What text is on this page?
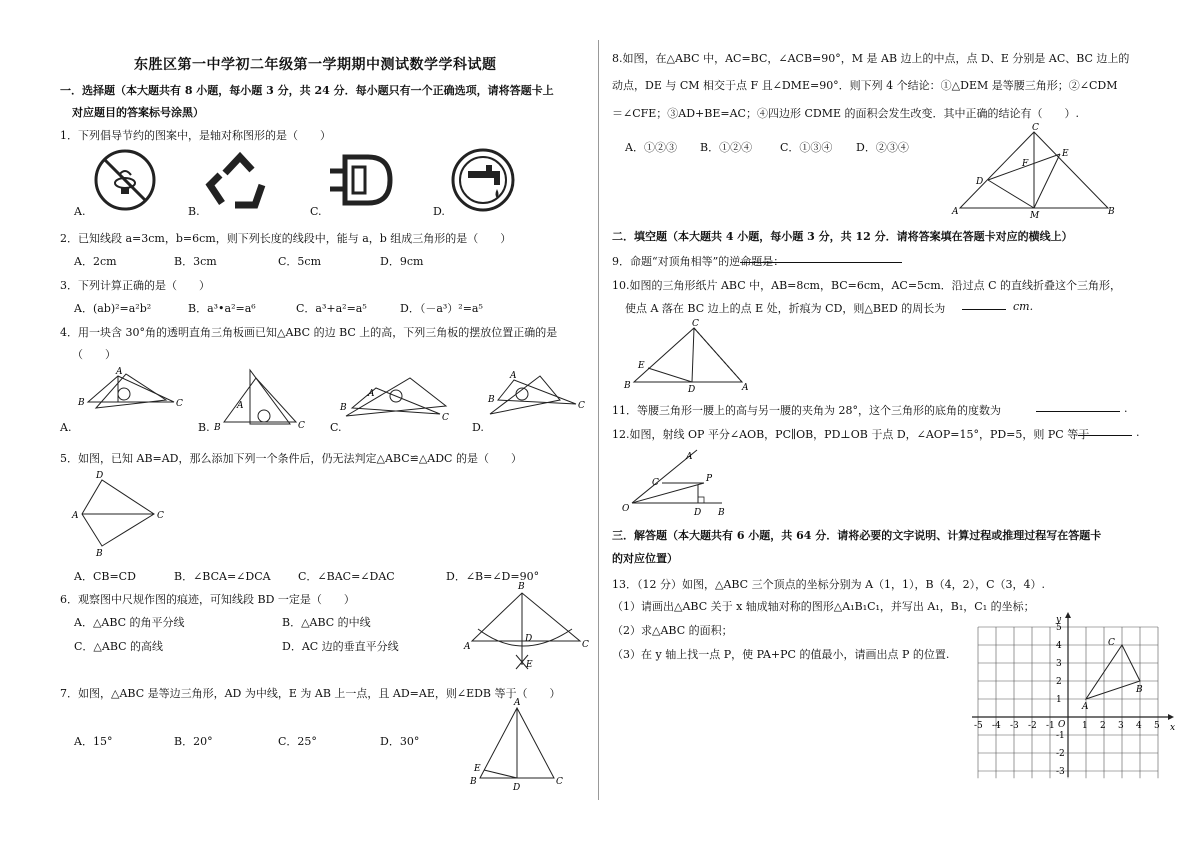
东胜区第一中学初二年级第一学期期中测试数学学科试题
一．选择题（本大题共有 8 小题，每小题 3 分，共 24 分．每小题只有一个正确选项，请将答题卡上
对应题目的答案标号涂黑）
1．下列倡导节约的图案中，是轴对称图形的是（　　）
A.	B.	C.	D.
2．已知线段 a=3cm，b=6cm，则下列长度的线段中，能与 a，b 组成三角形的是（　　）
A．2cm	B．3cm	C．5cm	D．9cm
3．下列计算正确的是（　　）
A．(ab)²=a²b²	B．a³•a²=a⁶	C．a³+a²=a⁵	D．（－a³）²=a⁵
4．用一块含 30°角的透明直角三角板画已知△ABC 的边 BC 上的高，下列三角板的摆放位置正确的是
（　　）
A
B	C	A
B	C
A
B
C
A
B
C
A.	B.	C.	D.
5．如图，已知 AB=AD，那么添加下列一个条件后，仍无法判定△ABC≌△ADC 的是（　　）
D
A	C
B
A．CB=CD	B．∠BCA=∠DCA C．∠BAC=∠DAC	D．∠B=∠D=90°
6．观察图中尺规作图的痕迹，可知线段 BD 一定是（　　）
A．△ABC 的角平分线	B．△ABC 的中线
C．△ABC 的高线	D．AC 边的垂直平分线
B
A	C
D
E
7．如图，△ABC 是等边三角形，AD 为中线，E 为 AB 上一点，且 AD=AE，则∠EDB 等于（　　）
A．15°	B．20°	C．25°	D．30°
A
E
B
D
C
8.如图，在△ABC 中，AC=BC，∠ACB=90°，M 是 AB 边上的中点，点 D、E 分别是 AC、BC 边上的
动点，DE 与 CM 相交于点 F 且∠DME=90°．则下列 4 个结论：①△DEM 是等腰三角形；②∠CDM
＝∠CFE；③AD+BE=AC；④四边形 CDME 的面积会发生改变．其中正确的结论有（　　）.
A．①②③ B．①②④	C．①③④ D．②③④
C
E
F
D
A	M	B
二．填空题（本大题共 4 小题，每小题 3 分，共 12 分．请将答案填在答题卡对应的横线上）
9．命题“对顶角相等”的逆命题是：
10.如图的三角形纸片 ABC 中，AB=8cm，BC=6cm，AC=5cm．沿过点 C 的直线折叠这个三角形，
使点 A 落在 BC 边上的点 E 处，折痕为 CD，则△BED 的周长为	cm.
C
E
B	D	A
11．等腰三角形一腰上的高与另一腰的夹角为 28°，这个三角形的底角的度数为	.
12.如图，射线 OP 平分∠AOB，PC∥OB，PD⊥OB 于点 D，∠AOP=15°，PD=5，则 PC 等于	.
A
P
C
O	D B
三．解答题（本大题共有 6 小题，共 64 分．请将必要的文字说明、计算过程或推理过程写在答题卡
的对应位置）
13．（12 分）如图，△ABC 三个顶点的坐标分别为 A（1，1），B（4，2），C（3，4）.
（1）请画出△ABC 关于 x 轴成轴对称的图形△A₁B₁C₁，并写出 A₁，B₁，C₁ 的坐标；
（2）求△ABC 的面积；
（3）在 y 轴上找一点 P，使 PA+PC 的值最小，请画出点 P 的位置.
-5 -4 -3 -2 -1	1 2 3 4 5
5
4
3
2
1
-1
-2
-3
x
y
O
A
B
C
